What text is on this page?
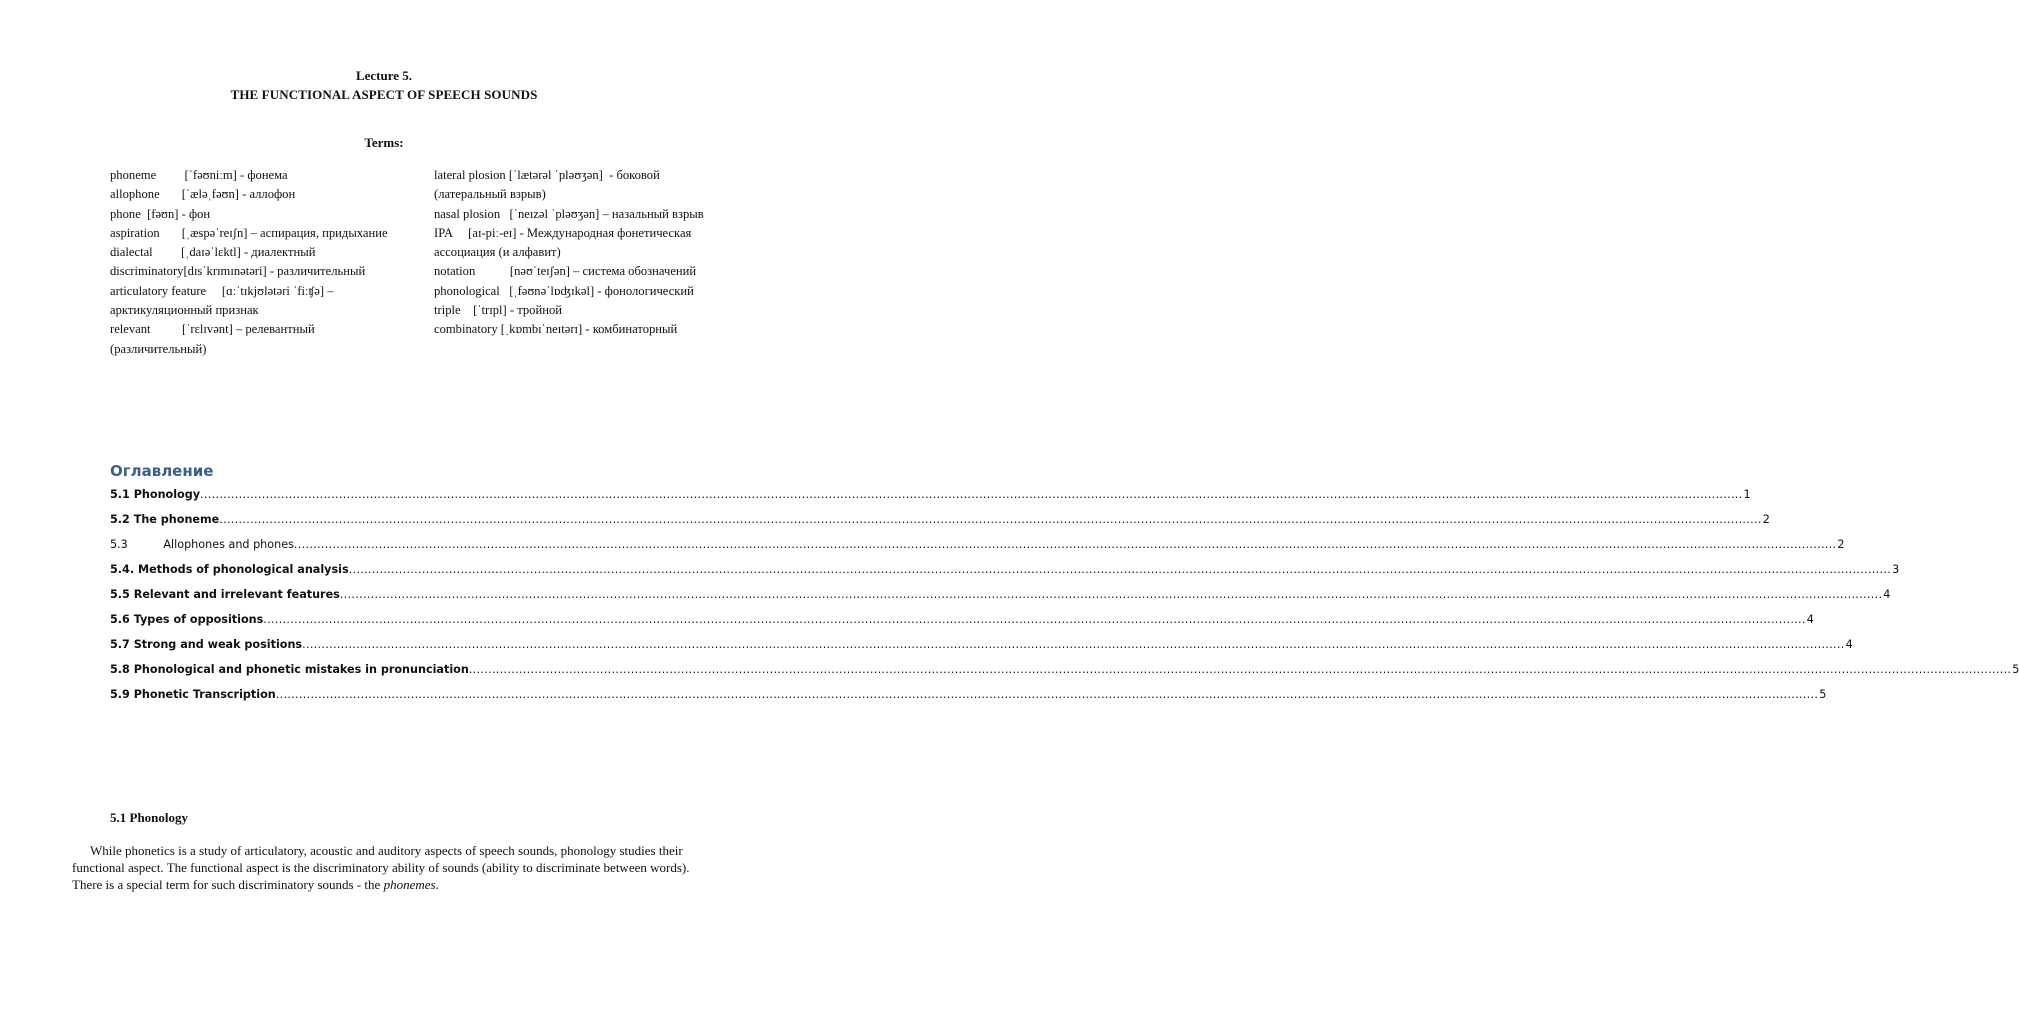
Lecture 5.
THE FUNCTIONAL ASPECT OF SPEECH SOUNDS
Terms:
phoneme         [ˈfəʊniːm] - фонема
allophone       [ˈæləˌfəʊn] - аллофон
phone  [fəʊn] - фон
aspiration       [ˌæspəˈreɪʃn] – аспирация, придыхание
dialectal         [ˌdaɪəˈlɛktl] - диалектный
discriminatory[dɪsˈkrɪmɪnətəri] - различительный
articulatory feature     [ɑːˈtɪkjʊlətəri ˈfiːʧə] – арктикуляционный признак
relevant          [ˈrɛlɪvənt] – релевантный (различительный)
lateral plosion [ˈlætərəl ˈpləʊʒən]  - боковой (латеральный взрыв)
nasal plosion   [ˈneɪzəl ˈpləʊʒən] – назальный взрыв
IPA     [aɪ-piː-eɪ] - Международная фонетическая ассоциация (и алфавит)
notation           [nəʊˈteɪʃən] – система обозначений
phonological   [ˌfəʊnəˈlɒʤɪkəl] - фонологический
triple    [ˈtrɪpl] - тройной
combinatory [ˌkɒmbɪˈneɪtərɪ] - комбинаторный
Оглавление
5.1 Phonology ................................................................................................................................................................................................................................................................................................................................................................................................................ 1
5.2 The phoneme ................................................................................................................................................................................................................................................................................................................................................................................................................ 2
5.3          Allophones and phones ................................................................................................................................................................................................................................................................................................................................................................................................................ 2
5.4. Methods of phonological analysis ................................................................................................................................................................................................................................................................................................................................................................................................................ 3
5.5 Relevant and irrelevant features ................................................................................................................................................................................................................................................................................................................................................................................................................ 4
5.6 Types of oppositions ................................................................................................................................................................................................................................................................................................................................................................................................................ 4
5.7 Strong and weak positions ................................................................................................................................................................................................................................................................................................................................................................................................................ 4
5.8 Phonological and phonetic mistakes in pronunciation ................................................................................................................................................................................................................................................................................................................................................................................................................ 5
5.9 Phonetic Transcription ................................................................................................................................................................................................................................................................................................................................................................................................................ 5
5.1 Phonology
While phonetics is a study of articulatory, acoustic and auditory aspects of speech sounds, phonology studies their functional aspect. The functional aspect is the discriminatory ability of sounds (ability to discriminate between words). There is a special term for such discriminatory sounds - the phonemes.
